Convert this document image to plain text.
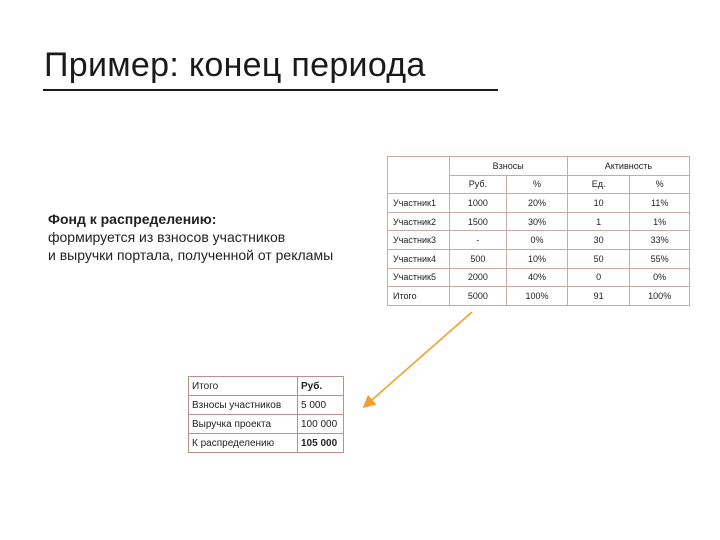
Пример: конец периода
Фонд к распределению:
формируется из взносов участников
и выручки портала, полученной от рекламы
	Взносы		Активность	
	Руб.	%	Ед.	%
Участник1	1000	20%	10	11%
Участник2	1500	30%	1	1%
Участник3	-	0%	30	33%
Участник4	500	10%	50	55%
Участник5	2000	40%	0	0%
Итого	5000	100%	91	100%
Итого	Руб.
Взносы участников	5 000
Выручка проекта	100 000
К распределению	105 000
